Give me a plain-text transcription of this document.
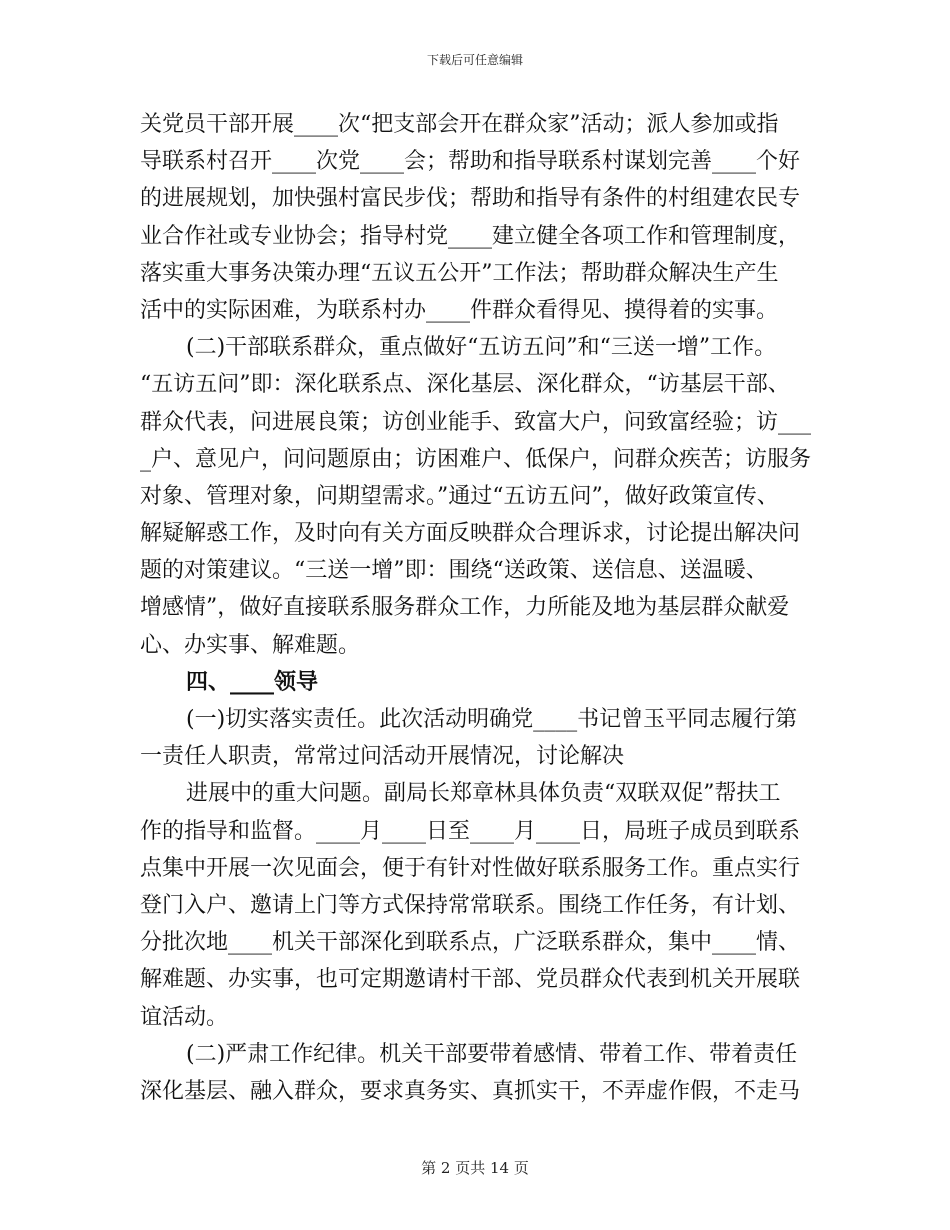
下载后可任意编辑
关党员干部开展____次“把支部会开在群众家”活动；派人参加或指
导联系村召开____次党____会；帮助和指导联系村谋划完善____个好
的进展规划，加快强村富民步伐；帮助和指导有条件的村组建农民专
业合作社或专业协会；指导村党____建立健全各项工作和管理制度，
落实重大事务决策办理“五议五公开”工作法；帮助群众解决生产生
活中的实际困难，为联系村办____件群众看得见、摸得着的实事。
(二)干部联系群众，重点做好“五访五问”和“三送一增”工作。
“五访五问”即：深化联系点、深化基层、深化群众，“访基层干部、
群众代表，问进展良策；访创业能手、致富大户，问致富经验；访___
_户、意见户，问问题原由；访困难户、低保户，问群众疾苦；访服务
对象、管理对象，问期望需求。”通过“五访五问”，做好政策宣传、
解疑解惑工作，及时向有关方面反映群众合理诉求，讨论提出解决问
题的对策建议。“三送一增”即：围绕“送政策、送信息、送温暖、
增感情”，做好直接联系服务群众工作，力所能及地为基层群众献爱
心、办实事、解难题。
四、____领导
(一)切实落实责任。此次活动明确党____书记曾玉平同志履行第
一责任人职责，常常过问活动开展情况，讨论解决
进展中的重大问题。副局长郑章林具体负责“双联双促”帮扶工
作的指导和监督。____月____日至____月____日，局班子成员到联系
点集中开展一次见面会，便于有针对性做好联系服务工作。重点实行
登门入户、邀请上门等方式保持常常联系。围绕工作任务，有计划、
分批次地____机关干部深化到联系点，广泛联系群众，集中____情、
解难题、办实事，也可定期邀请村干部、党员群众代表到机关开展联
谊活动。
(二)严肃工作纪律。机关干部要带着感情、带着工作、带着责任
深化基层、融入群众，要求真务实、真抓实干，不弄虚作假，不走马
第 2 页共 14 页
